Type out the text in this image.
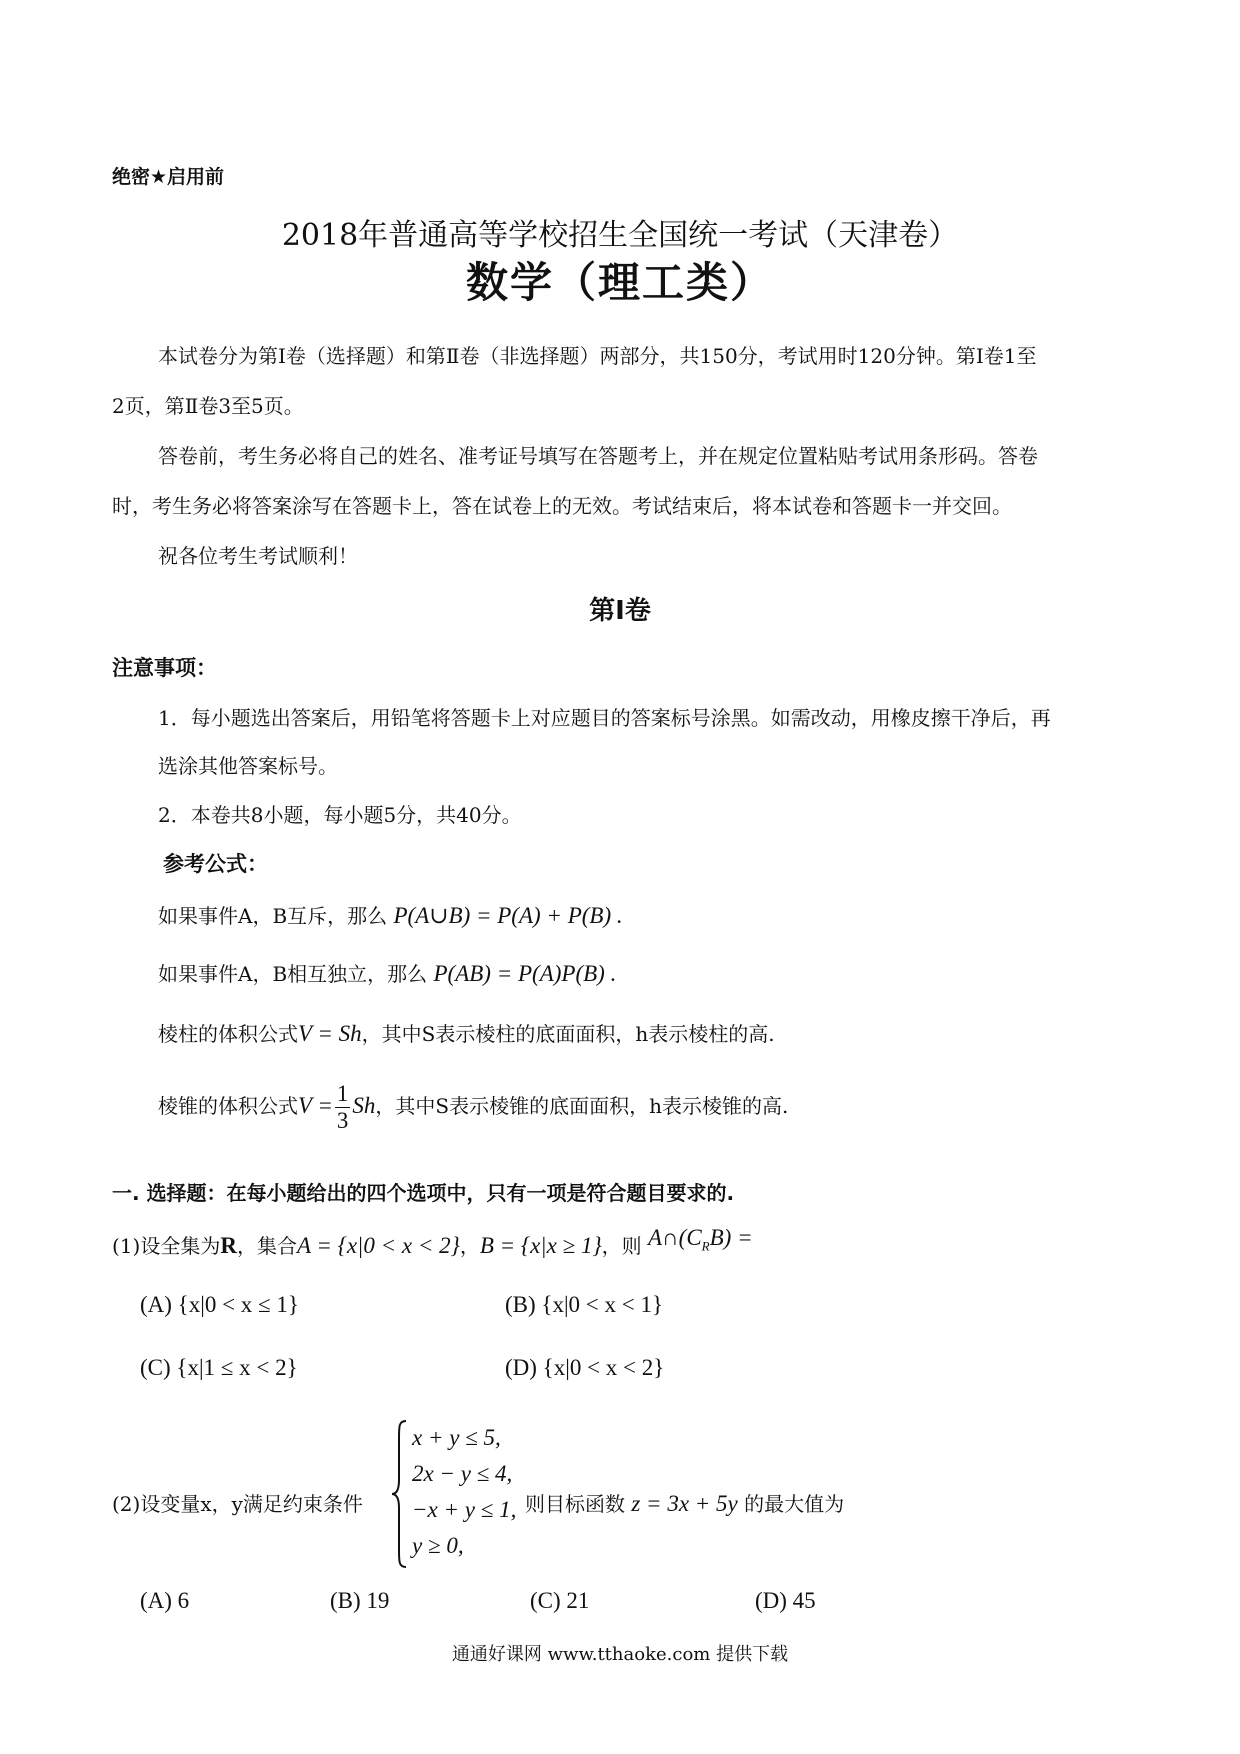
绝密★启用前
2018年普通高等学校招生全国统一考试（天津卷）
数学（理工类）
本试卷分为第Ⅰ卷（选择题）和第Ⅱ卷（非选择题）两部分，共150分，考试用时120分钟。第Ⅰ卷1至
2页，第Ⅱ卷3至5页。
答卷前，考生务必将自己的姓名、准考证号填写在答题考上，并在规定位置粘贴考试用条形码。答卷
时，考生务必将答案涂写在答题卡上，答在试卷上的无效。考试结束后，将本试卷和答题卡一并交回。
祝各位考生考试顺利！
第Ⅰ卷
注意事项：
1．每小题选出答案后，用铅笔将答题卡上对应题目的答案标号涂黑。如需改动，用橡皮擦干净后，再
选涂其他答案标号。
2．本卷共8小题，每小题5分，共40分。
参考公式：
如果事件A，B互斥，那么 P(A∪B) = P(A) + P(B) .
如果事件A，B相互独立，那么 P(AB) = P(A)P(B) .
棱柱的体积公式V = Sh，其中S表示棱柱的底面面积，h表示棱柱的高.
棱锥的体积公式$V = \frac{1}{3}$ Sh，其中S表示棱锥的底面面积，h表示棱锥的高.
一. 选择题：在每小题给出的四个选项中，只有一项是符合题目要求的.
(1)设全集为R，集合A = {x|0 < x < 2}，B = {x|x ≥ 1}，则 $A\cap(C_RB)$ =
(A) {x|0 < x ≤ 1}	(B) {x|0 < x < 1}
(C) {x|1 ≤ x < 2}	(D) {x|0 < x < 2}
(2)设变量x，y满足约束条件
x + y ≤ 5,
2x − y ≤ 4,
−x + y ≤ 1,
y ≥ 0,
则目标函数 z = 3x + 5y 的最大值为
(A) 6	(B) 19	(C) 21	(D) 45
通通好课网 www.tthaoke.com 提供下载
